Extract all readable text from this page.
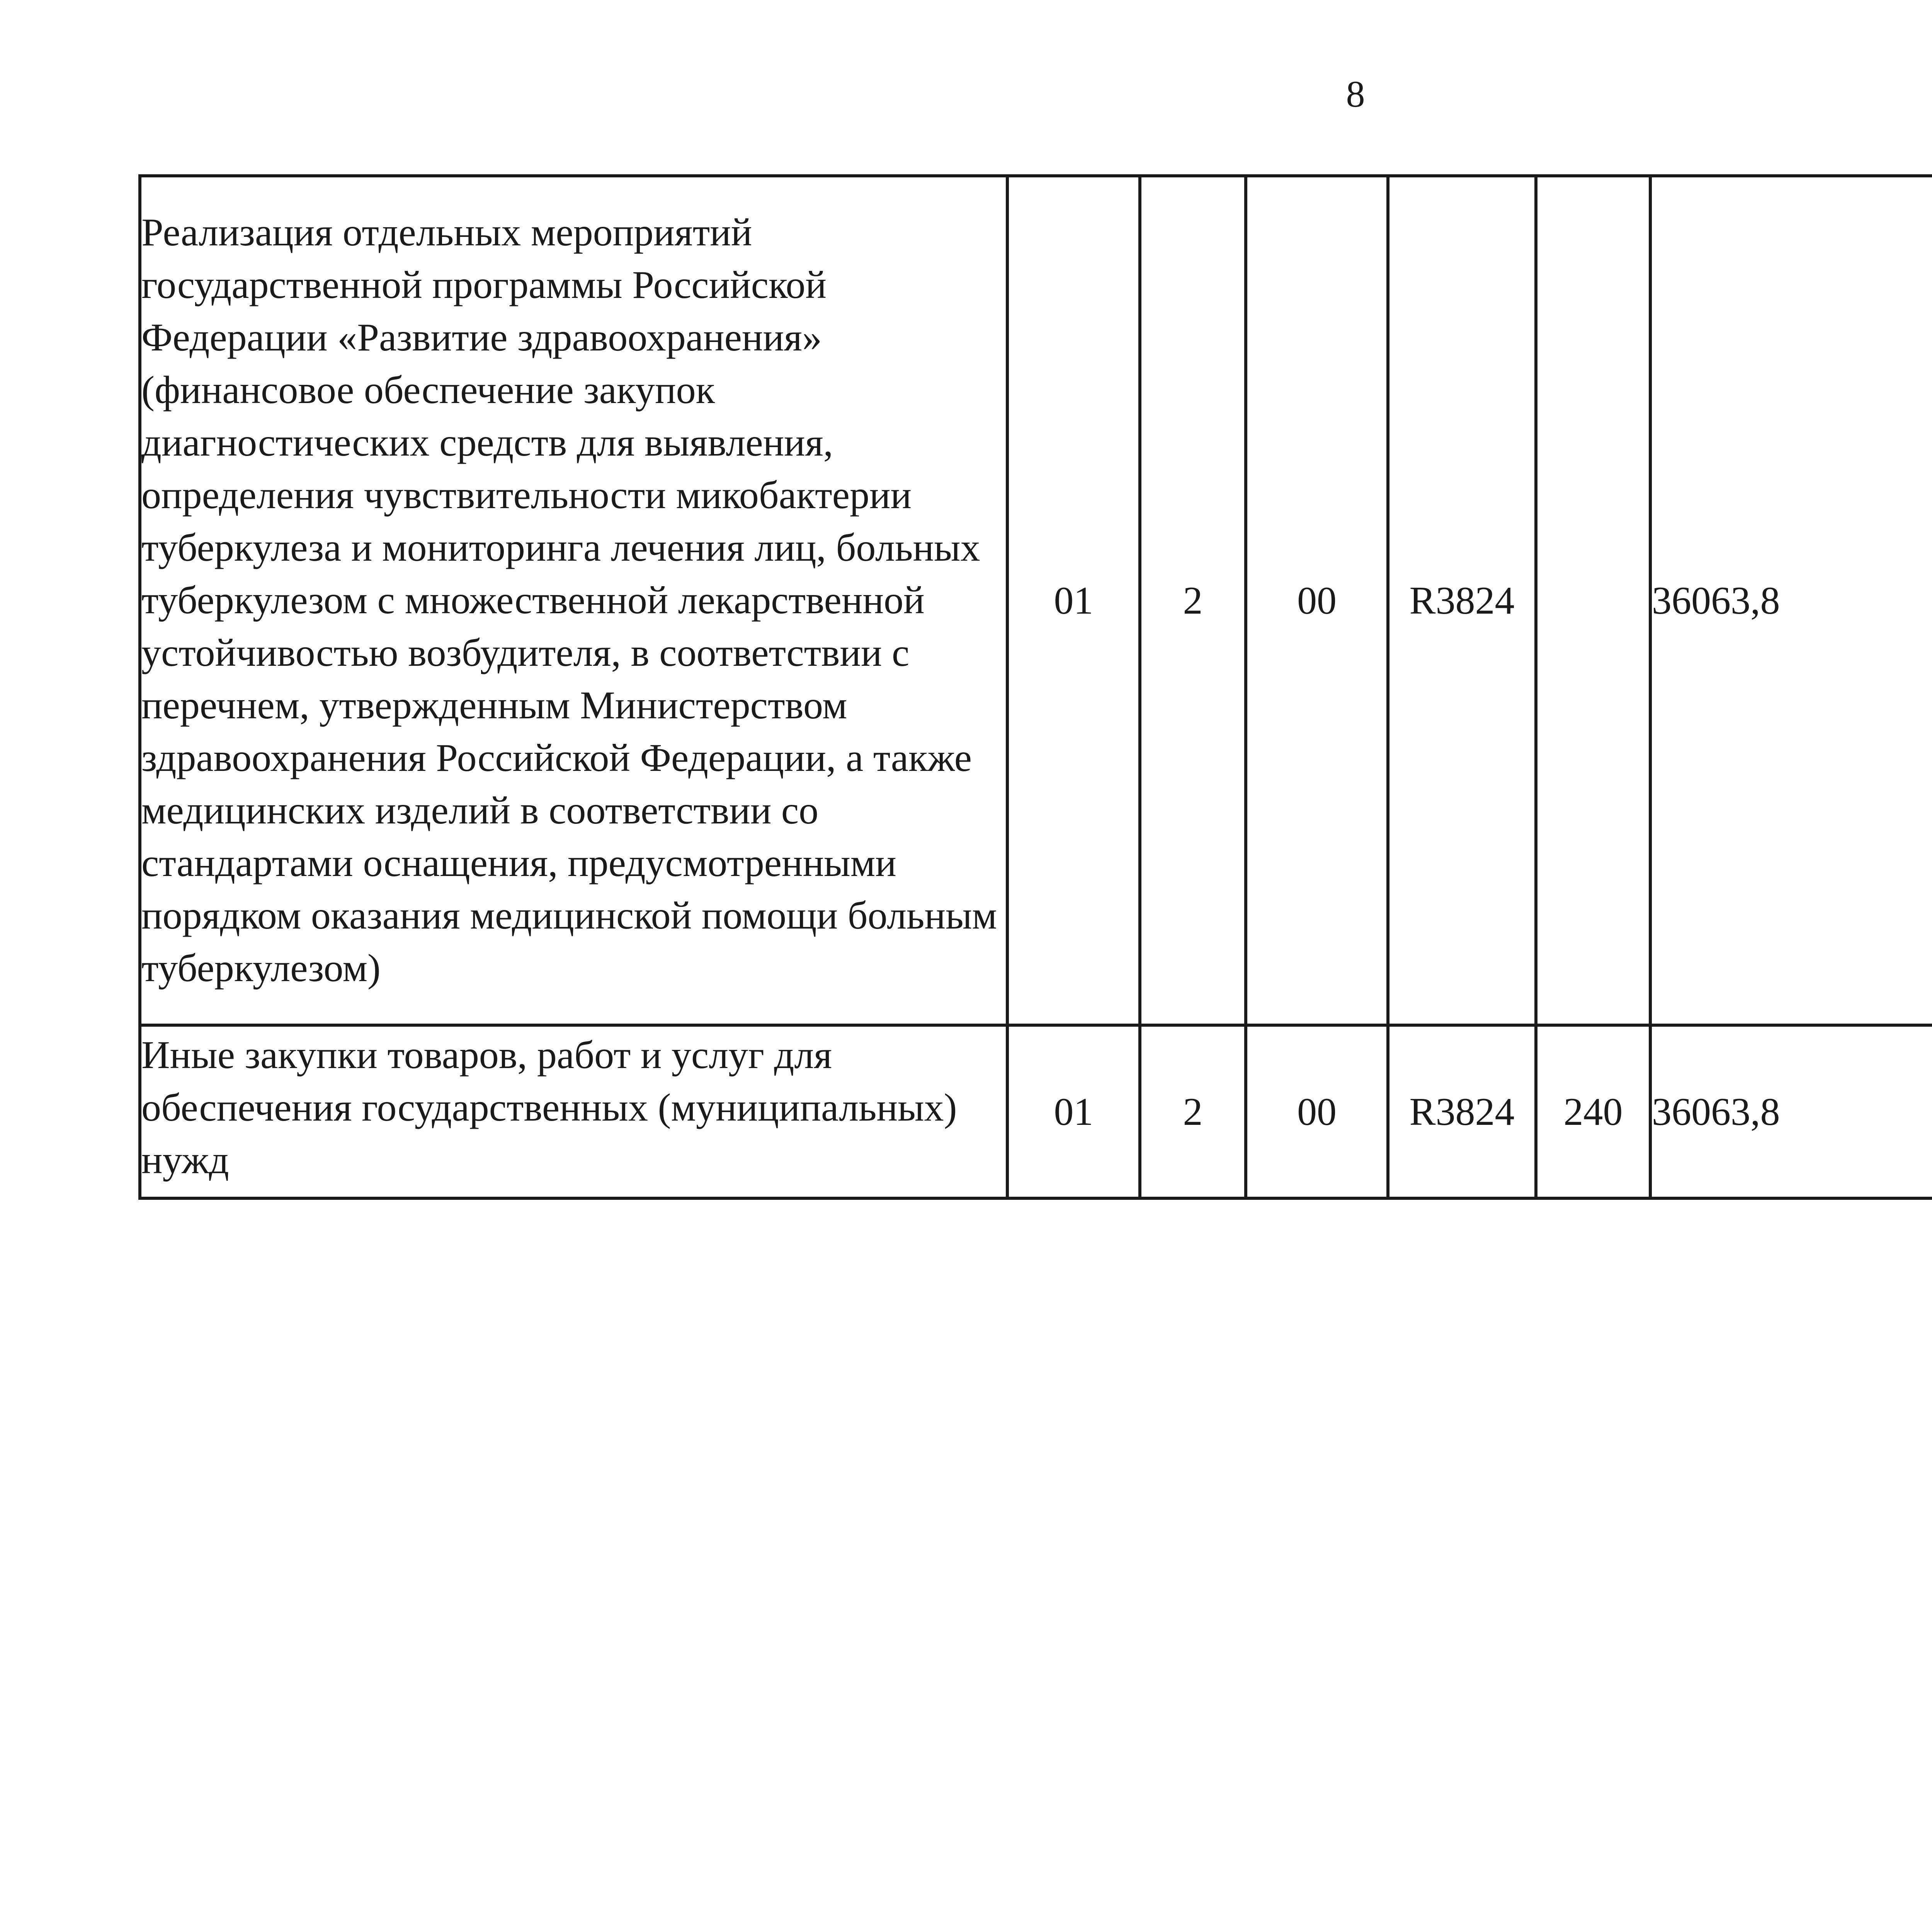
8
Реализация отдельных мероприятий государственной программы Российской Федерации «Развитие здравоохранения» (финансовое обеспечение закупок диагностических средств для выявления, определения чувствительности микобактерии туберкулеза и мониторинга лечения лиц, больных туберкулезом с множественной лекарственной устойчивостью возбудителя, в соответствии с перечнем, утвержденным Министерством здравоохранения Российской Федерации, а также медицинских изделий в соответствии со стандартами оснащения, предусмотренными порядком оказания медицинской помощи больным туберкулезом)	01	2	00	R3824		36063,8		
Иные закупки товаров, работ и услуг для обеспечения государственных (муниципальных) нужд	01	2	00	R3824	240	36063,8		
